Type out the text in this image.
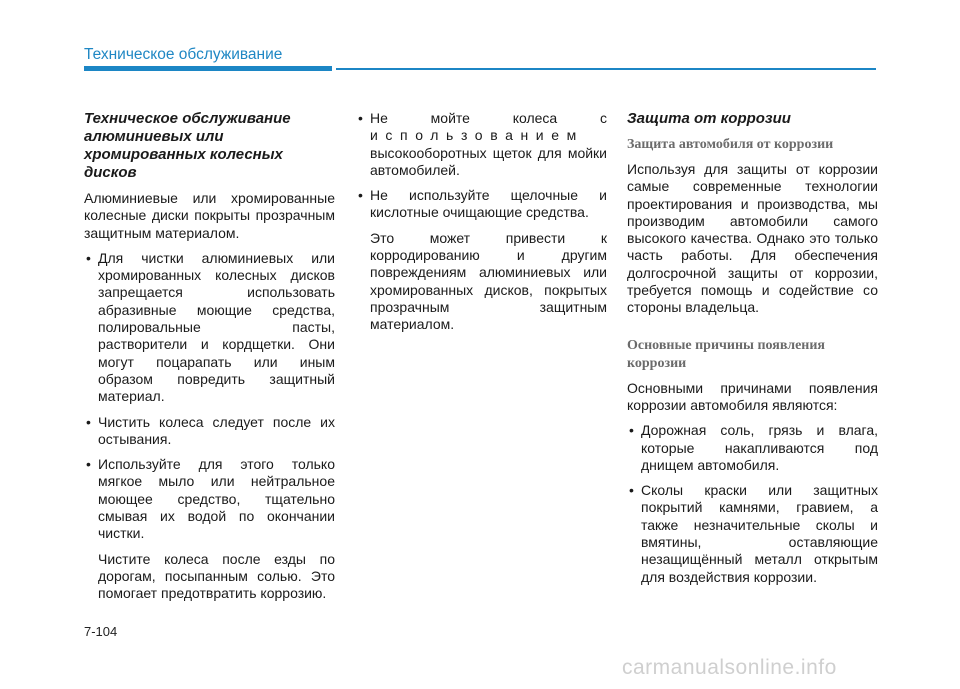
Техническое обслуживание
Техническое обслуживание алюминиевых или хромированных колесных дисков

Алюминиевые или хромированные колесные диски покрыты прозрачным защитным материалом.

• Для чистки алюминиевых или хромированных колесных дисков запрещается использовать абразивные моющие средства, полировальные пасты, растворители и кордщетки. Они могут поцарапать или иным образом повредить защитный материал.
• Чистить колеса следует после их остывания.
• Используйте для этого только мягкое мыло или нейтральное моющее средство, тщательно смывая их водой по окончании чистки.

Чистите колеса после езды по дорогам, посыпанным солью. Это помогает предотвратить коррозию.

• Не мойте колеса с
использованием
высокооборотных щеток для мойки автомобилей.
• Не используйте щелочные и кислотные очищающие средства.

Это может привести к корродированию и другим повреждениям алюминиевых или хромированных дисков, покрытых прозрачным защитным материалом.

Защита от коррозии
Защита автомобиля от коррозии

Используя для защиты от коррозии самые современные технологии проектирования и производства, мы производим автомобили самого высокого качества. Однако это только часть работы. Для обеспечения долгосрочной защиты от коррозии, требуется помощь и содействие со стороны владельца.

Основные причины появления коррозии

Основными причинами появления коррозии автомобиля являются:

• Дорожная соль, грязь и влага, которые накапливаются под днищем автомобиля.
• Сколы краски или защитных покрытий камнями, гравием, а также незначительные сколы и вмятины, оставляющие незащищённый металл открытым для воздействия коррозии.
7-104
carmanualsonline.info
